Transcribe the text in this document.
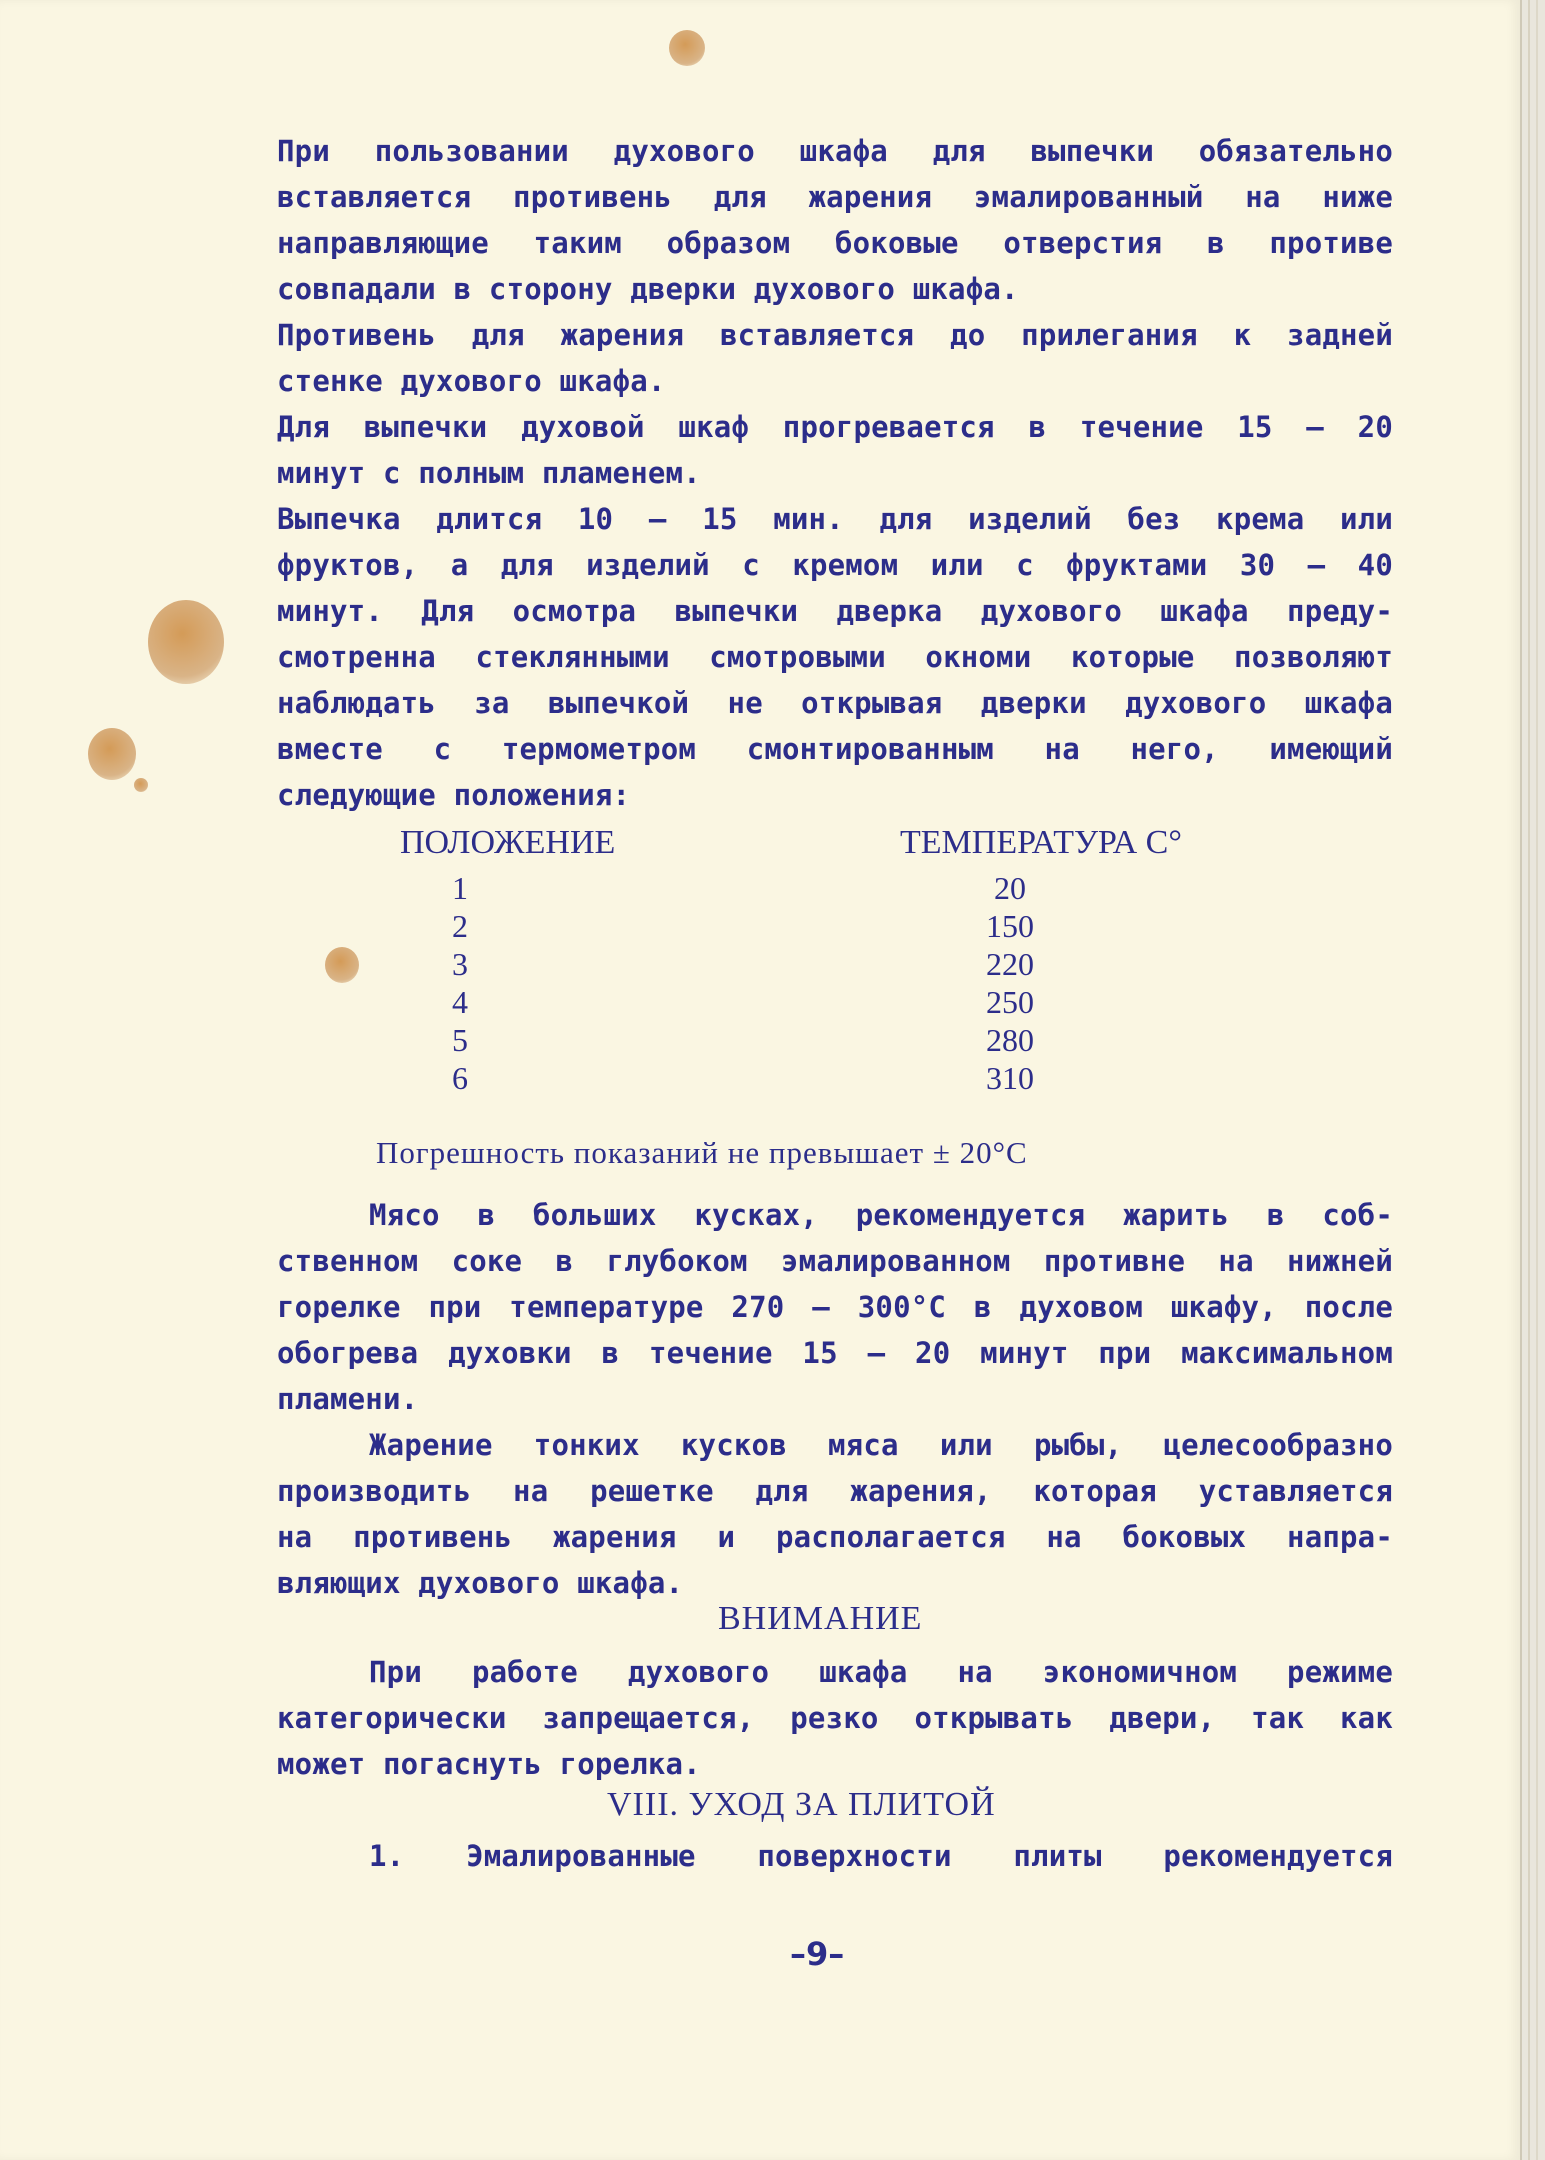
При пользовании духового шкафа для выпечки обязательно
вставляется противень для жарения эмалированный на ниже
направляющие таким образом боковые отверстия в противе
совпадали в сторону дверки духового шкафа.
Противень для жарения вставляется до прилегания к задней
стенке духового шкафа.
Для выпечки духовой шкаф прогревается в течение 15 — 20
минут с полным пламенем.
Выпечка длится 10 — 15 мин. для изделий без крема или
фруктов, а для изделий с кремом или с фруктами 30 — 40
минут. Для осмотра выпечки дверка духового шкафа преду-
смотренна стеклянными смотровыми окноми которые позволяют
наблюдать за выпечкой не открывая дверки духового шкафа
вместе с термометром смонтированным на него, имеющий
следующие положения:
ПОЛОЖЕНИЕ	ТЕМПЕРАТУРА С°
1	20
2	150
3	220
4	250
5	280
6	310
Погрешность показаний не превышает ± 20°С
Мясо в больших кусках, рекомендуется жарить в соб-
ственном соке в глубоком эмалированном противне на нижней
горелке при температуре 270 — 300°С в духовом шкафу, после
обогрева духовки в течение 15 — 20 минут при максимальном
пламени.
Жарение тонких кусков мяса или рыбы, целесообразно
производить на решетке для жарения, которая уставляется
на противень жарения и располагается на боковых напра-
вляющих духового шкафа.
ВНИМАНИЕ
При работе духового шкафа на экономичном режиме
категорически запрещается, резко открывать двери, так как
может погаснуть горелка.
VIII. УХОД ЗА ПЛИТОЙ
1. Эмалированные поверхности плиты рекомендуется
–9–
